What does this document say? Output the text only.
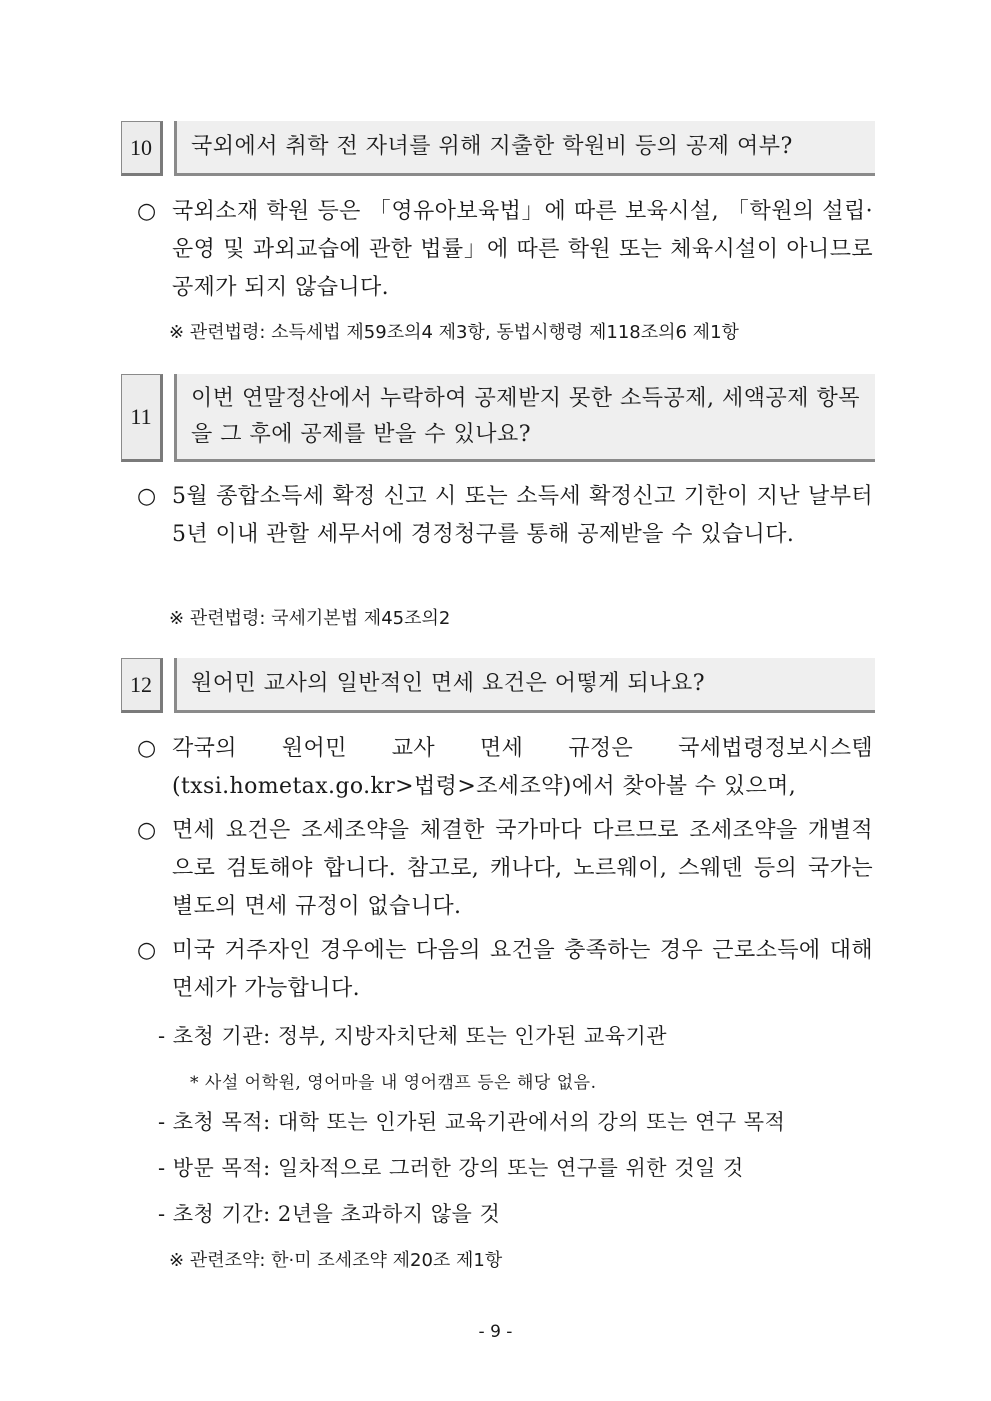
10	국외에서 취학 전 자녀를 위해 지출한 학원비 등의 공제 여부?
○ 국외소재 학원 등은 「영유아보육법」에 따른 보육시설, 「학원의 설립·운영 및 과외교습에 관한 법률」에 따른 학원 또는 체육시설이 아니므로 공제가 되지 않습니다.
※ 관련법령: 소득세법 제59조의4 제3항, 동법시행령 제118조의6 제1항
11
이번 연말정산에서 누락하여 공제받지 못한 소득공제, 세액공제 항목을 그 후에 공제를 받을 수 있나요?
○ 5월 종합소득세 확정 신고 시 또는 소득세 확정신고 기한이 지난 날부터 5년 이내 관할 세무서에 경정청구를 통해 공제받을 수 있습니다.
※ 관련법령: 국세기본법 제45조의2
12	원어민 교사의 일반적인 면세 요건은 어떻게 되나요?
○ 각국의 원어민 교사 면세 규정은 국세법령정보시스템(txsi.hometax.go.kr>법령>조세조약)에서 찾아볼 수 있으며,
○ 면세 요건은 조세조약을 체결한 국가마다 다르므로 조세조약을 개별적으로 검토해야 합니다. 참고로, 캐나다, 노르웨이, 스웨덴 등의 국가는 별도의 면세 규정이 없습니다.
○ 미국 거주자인 경우에는 다음의 요건을 충족하는 경우 근로소득에 대해 면세가 가능합니다.
- 초청 기관: 정부, 지방자치단체 또는 인가된 교육기관
* 사설 어학원, 영어마을 내 영어캠프 등은 해당 없음.
- 초청 목적: 대학 또는 인가된 교육기관에서의 강의 또는 연구 목적
- 방문 목적: 일차적으로 그러한 강의 또는 연구를 위한 것일 것
- 초청 기간: 2년을 초과하지 않을 것
※ 관련조약: 한·미 조세조약 제20조 제1항
- 9 -
